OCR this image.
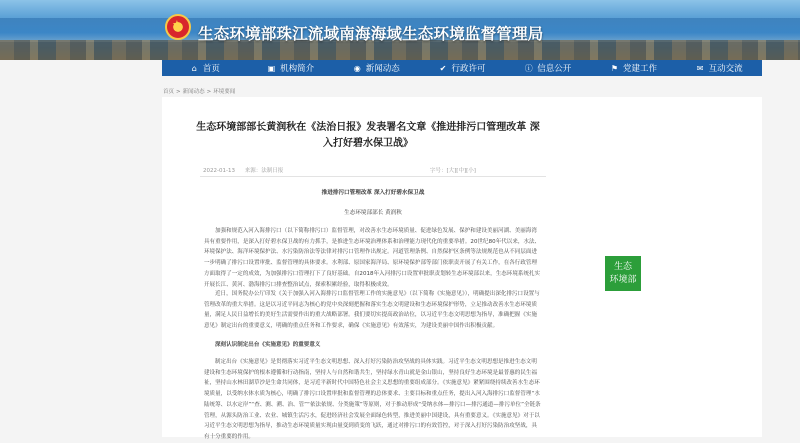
★
生态环境部珠江流域南海海域生态环境监督管理局
⌂ 首页	▣ 机构简介	◉ 新闻动态	✔ 行政许可	ⓘ 信息公开	⚑ 党建工作	✉ 互动交流
首页 > 新闻动态 > 环境要闻
生态环境部部长黄润秋在《法治日报》发表署名文章《推进排污口管理改革 深入打好碧水保卫战》
2022-01-13 来源：法制日报	字号：[大][中][小]
推进排污口管理改革 深入打好碧水保卫战
生态环境部部长 黄润秋
加强和规范入河入海排污口（以下简称排污口）监督管理，对改善水生态环境质量、促进绿色发展、保护和建设美丽河湖、美丽海湾具有重要作用，是深入打好碧水保卫战的有力抓手，是推进生态环境治理体系和治理能力现代化的重要举措。20世纪80年代以来，水法、环境保护法、海洋环境保护法、水污染防治法等法律对排污口管理作出规定。河道管理条例、自然保护区条例等法规规范也从不同层面进一步明确了排污口设置审批、监督管理的具体要求。水利部、原国家海洋局、原环境保护部等部门依职责开展了有关工作，在各行政管理方面取得了一定的成效，为加强排污口管理打下了良好基础。自2018年入河排污口设置审批职责划转生态环境部以来，生态环境系统扎实开展长江、黄河、渤海排污口排查整治试点，探索积累经验，取得积极成效。
近日，国务院办公厅印发《关于加强入河入海排污口监督管理工作的实施意见》（以下简称《实施意见》），明确提出深化排污口设置与管理改革的重大举措。这是以习近平同志为核心的党中央深刻把握和落实生态文明建设和生态环境保护形势，立足推动改善水生态环境质量，满足人民日益增长的美好生活需要作出的重大战略部署。我们要切实提高政治站位，以习近平生态文明思想为指导，准确把握《实施意见》制定出台的重要意义，明确的重点任务和工作要求，确保《实施意见》有效落实，为建设美丽中国作出积极贡献。
深刻认识制定出台《实施意见》的重要意义
制定出台《实施意见》是贯彻落实习近平生态文明思想、深入打好污染防治攻坚战的具体实践。习近平生态文明思想是推进生态文明建设和生态环境保护的根本遵循和行动指南，坚持人与自然和谐共生，坚持绿水青山就是金山银山，坚持良好生态环境是最普惠的民生福祉，坚持山水林田湖草沙是生命共同体，是习近平新时代中国特色社会主义思想的重要组成部分。《实施意见》紧紧围绕持续改善水生态环境质量，以受纳水体水质为核心，明确了排污口设置审批和监督管理的总体要求、主要目标和重点任务，提出入河入海排污口监督管理“水陆统筹、以水定岸”“查、测、溯、治、管”“依法依规、分类施策”等原则，对于推动形成“受纳水体—排污口—排污通道—排污单位”全链条管理，从源头防治工业、农业、城镇生活污水，促进经济社会发展全面绿色转型，推进美丽中国建设，具有重要意义。《实施意见》对于以习近平生态文明思想为指导，推动生态环境质量实现由量变到质变的飞跃，通过对排污口的有效管控，对于深入打好污染防治攻坚战，具有十分重要的作用。
生态
环境部
